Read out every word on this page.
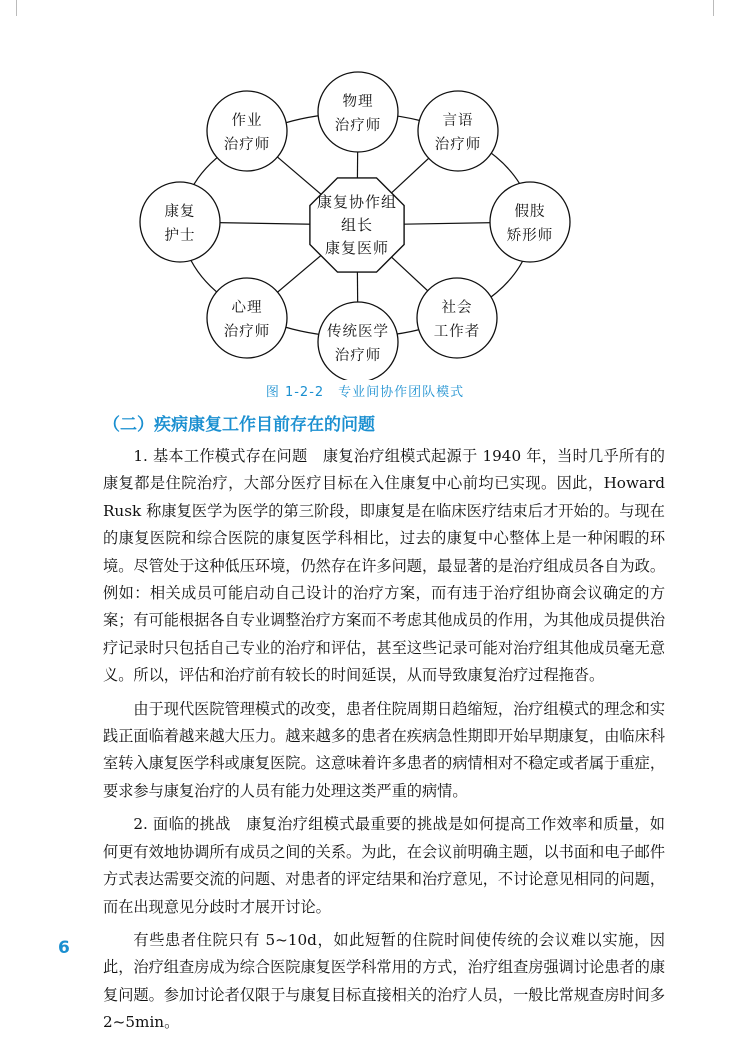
物理
治疗师	言语
治疗师
假肢
矫形师
社会
工作者
传统医学
治疗师
心理
治疗师
康复
护士
作业
治疗师
康复协作组
组长
康复医师
图 1-2-2　专业间协作团队模式
（二）疾病康复工作目前存在的问题

1. 基本工作模式存在问题　康复治疗组模式起源于 1940 年，当时几乎所有的康复都是住院治疗，大部分医疗目标在入住康复中心前均已实现。因此，Howard Rusk 称康复医学为医学的第三阶段，即康复是在临床医疗结束后才开始的。与现在的康复医院和综合医院的康复医学科相比，过去的康复中心整体上是一种闲暇的环境。尽管处于这种低压环境，仍然存在许多问题，最显著的是治疗组成员各自为政。例如：相关成员可能启动自己设计的治疗方案，而有违于治疗组协商会议确定的方案；有可能根据各自专业调整治疗方案而不考虑其他成员的作用，为其他成员提供治疗记录时只包括自己专业的治疗和评估，甚至这些记录可能对治疗组其他成员毫无意义。所以，评估和治疗前有较长的时间延误，从而导致康复治疗过程拖沓。

由于现代医院管理模式的改变，患者住院周期日趋缩短，治疗组模式的理念和实践正面临着越来越大压力。越来越多的患者在疾病急性期即开始早期康复，由临床科室转入康复医学科或康复医院。这意味着许多患者的病情相对不稳定或者属于重症，要求参与康复治疗的人员有能力处理这类严重的病情。

2. 面临的挑战　康复治疗组模式最重要的挑战是如何提高工作效率和质量，如何更有效地协调所有成员之间的关系。为此，在会议前明确主题，以书面和电子邮件方式表达需要交流的问题、对患者的评定结果和治疗意见，不讨论意见相同的问题，而在出现意见分歧时才展开讨论。

有些患者住院只有 5~10d，如此短暂的住院时间使传统的会议难以实施，因此，治疗组查房成为综合医院康复医学科常用的方式，治疗组查房强调讨论患者的康复问题。参加讨论者仅限于与康复目标直接相关的治疗人员，一般比常规查房时间多 2~5min。

6
